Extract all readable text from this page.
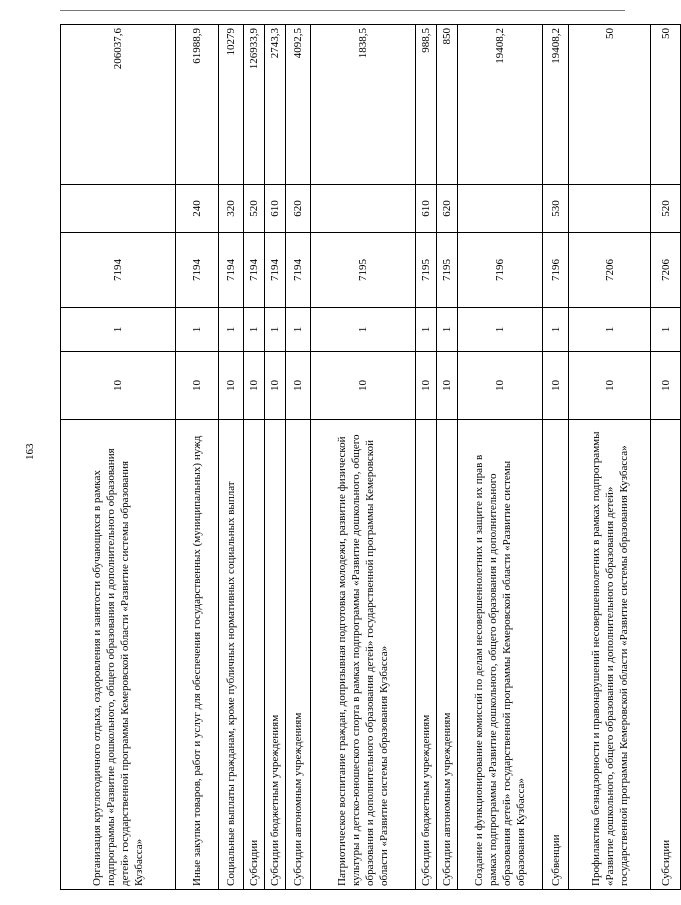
163
Организация круглогодичного отдыха, оздоровления и занятости обучающихся в рамках подпрограммы «Развитие дошкольного, общего образования и дополнительного образования детей» государственной программы Кемеровской области «Развитие системы образования Кузбасса»	10	1	7194		206037,6
Иные закупки товаров, работ и услуг для обеспечения государственных (муниципальных) нужд	10	1	7194	240	61988,9
Социальные выплаты гражданам, кроме публичных нормативных социальных выплат	10	1	7194	320	10279
Субсидии	10	1	7194	520	126933,9
Субсидии бюджетным учреждениям	10	1	7194	610	2743,3
Субсидии автономным учреждениям	10	1	7194	620	4092,5
Патриотическое воспитание граждан, допризывная подготовка молодежи, развитие физической культуры и детско-юношеского спорта в рамках подпрограммы «Развитие дошкольного, общего образования и дополнительного образования детей» государственной программы Кемеровской области «Развитие системы образования Кузбасса»	10	1	7195		1838,5
Субсидии бюджетным учреждениям	10	1	7195	610	988,5
Субсидии автономным учреждениям	10	1	7195	620	850
Создание и функционирование комиссий по делам несовершеннолетних и защите их прав в рамках подпрограммы «Развитие дошкольного, общего образования и дополнительного образования детей» государственной программы Кемеровской области «Развитие системы образования Кузбасса»	10	1	7196		19408,2
Субвенции	10	1	7196	530	19408,2
Профилактика безнадзорности и правонарушений несовершеннолетних в рамках подпрограммы «Развитие дошкольного, общего образования и дополнительного образования детей» государственной программы Кемеровской области «Развитие системы образования Кузбасса»	10	1	7206		50
Субсидии	10	1	7206	520	50
